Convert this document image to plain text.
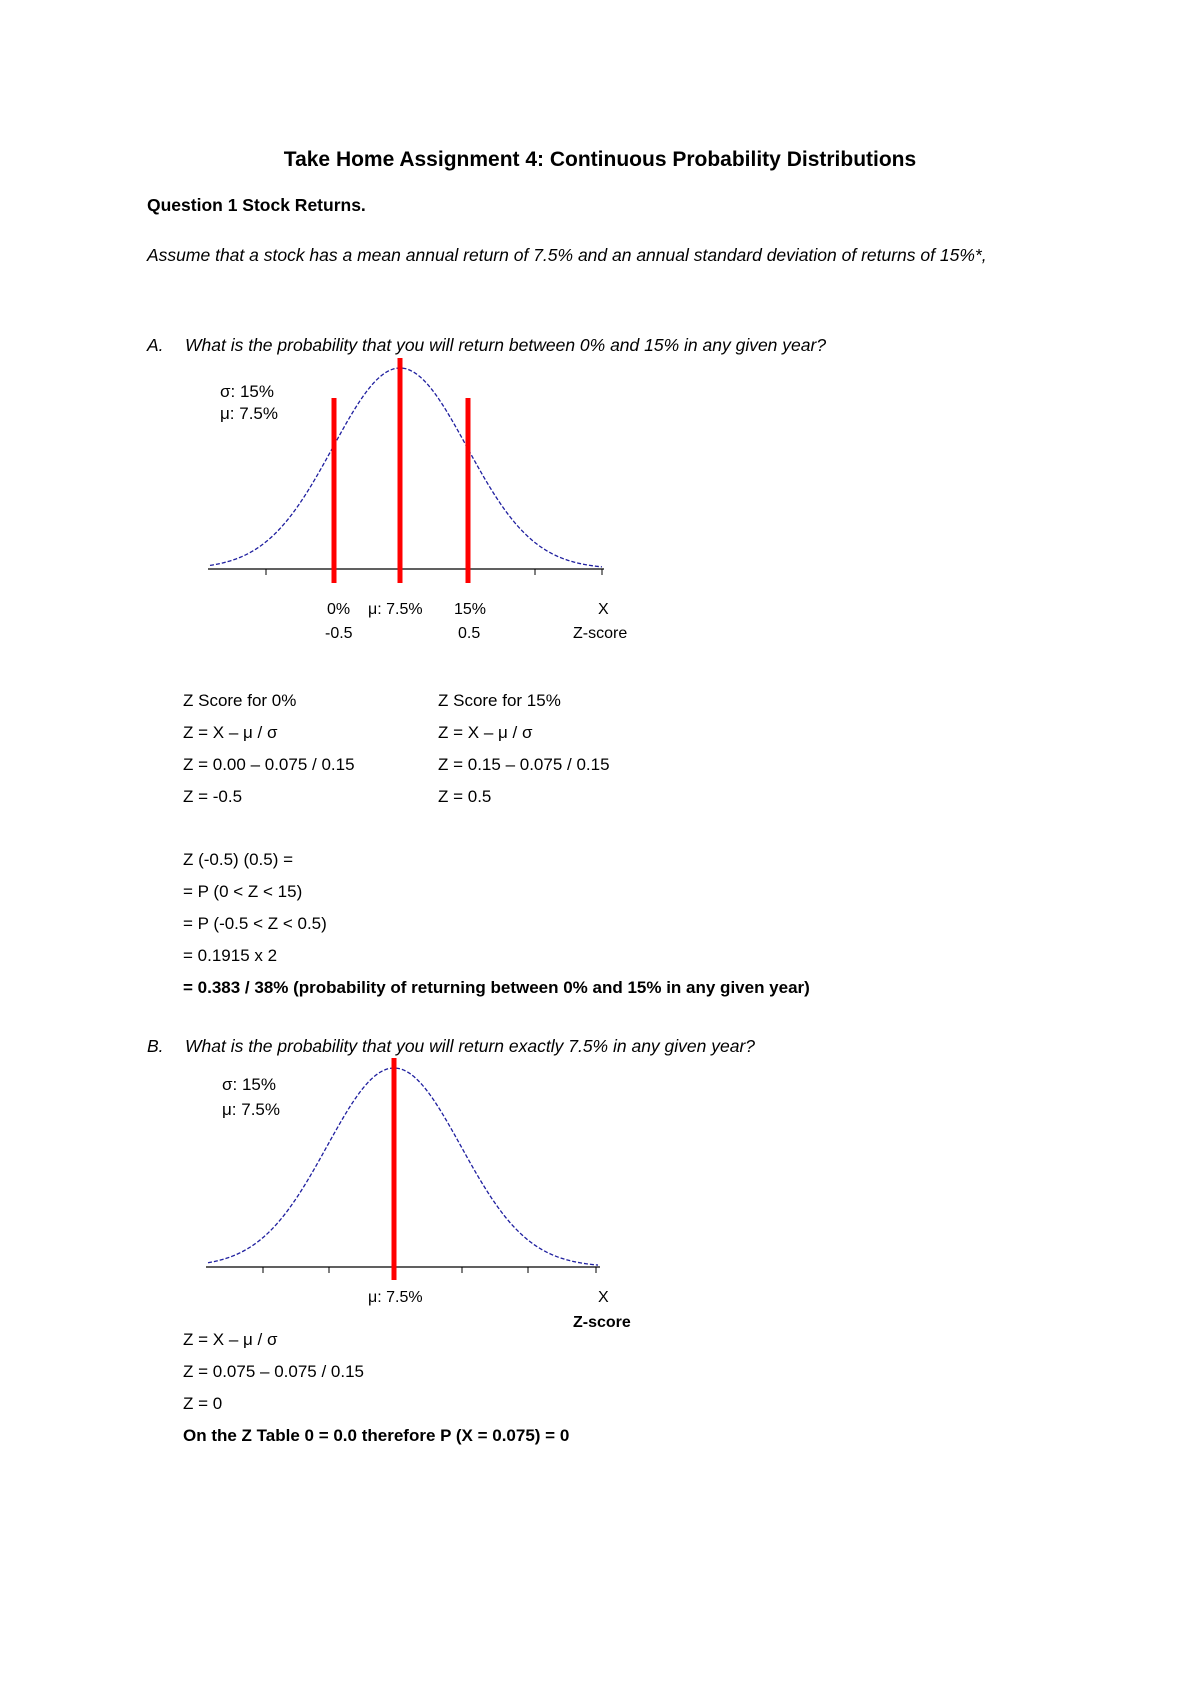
Take Home Assignment 4: Continuous Probability Distributions
Question 1 Stock Returns.
Assume that a stock has a mean annual return of 7.5% and an annual standard deviation of returns of 15%*,
A. What is the probability that you will return between 0% and 15% in any given year?
σ: 15%
μ: 7.5%
0%
-0.5
μ: 7.5% 15%
0.5
X
Z-score
Z Score for 0%
Z = X – μ / σ
Z = 0.00 – 0.075 / 0.15
Z = -0.5
Z Score for 15%
Z = X – μ / σ
Z = 0.15 – 0.075 / 0.15
Z = 0.5
Z (-0.5) (0.5) =
= P (0 < Z < 15)
= P (-0.5 < Z < 0.5)
= 0.1915 x 2
= 0.383 / 38% (probability of returning between 0% and 15% in any given year)
B. What is the probability that you will return exactly 7.5% in any given year?
σ: 15%
μ: 7.5%
μ: 7.5%	X
Z-score
Z = X – μ / σ
Z = 0.075 – 0.075 / 0.15
Z = 0
On the Z Table 0 = 0.0 therefore P (X = 0.075) = 0
